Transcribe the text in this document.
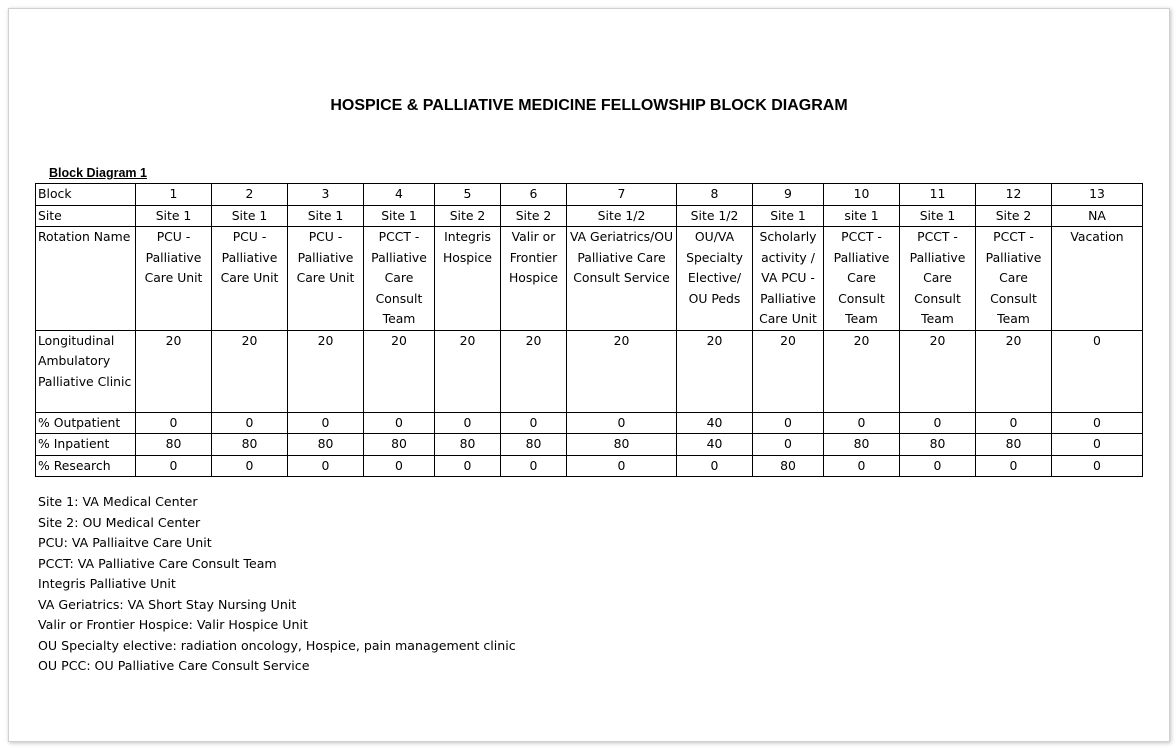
HOSPICE & PALLIATIVE MEDICINE FELLOWSHIP BLOCK DIAGRAM
Block Diagram 1
Block	1	2	3	4	5	6	7	8	9	10	11	12	13
Site	Site 1	Site 1	Site 1	Site 1	Site 2	Site 2	Site 1/2	Site 1/2	Site 1	site 1	Site 1	Site 2	NA
Rotation Name	PCU - Palliative Care Unit	PCU - Palliative Care Unit	PCU - Palliative Care Unit	PCCT - Palliative Care Consult Team	Integris Hospice	Valir or Frontier Hospice	VA Geriatrics/OU Palliative Care Consult Service	OU/VA Specialty Elective/ OU Peds	Scholarly activity / VA PCU - Palliative Care Unit	PCCT - Palliative Care Consult Team	PCCT - Palliative Care Consult Team	PCCT - Palliative Care Consult Team	Vacation
Longitudinal Ambulatory Palliative Clinic	20	20	20	20	20	20	20	20	20	20	20	20	0
% Outpatient	0	0	0	0	0	0	0	40	0	0	0	0	0
% Inpatient	80	80	80	80	80	80	80	40	0	80	80	80	0
% Research	0	0	0	0	0	0	0	0	80	0	0	0	0
Site 1: VA Medical Center
Site 2: OU Medical Center
PCU: VA Palliaitve Care Unit
PCCT: VA Palliative Care Consult Team
Integris Palliative Unit
VA Geriatrics: VA Short Stay Nursing Unit
Valir or Frontier Hospice: Valir Hospice Unit
OU Specialty elective: radiation oncology, Hospice, pain management clinic
OU PCC: OU Palliative Care Consult Service
